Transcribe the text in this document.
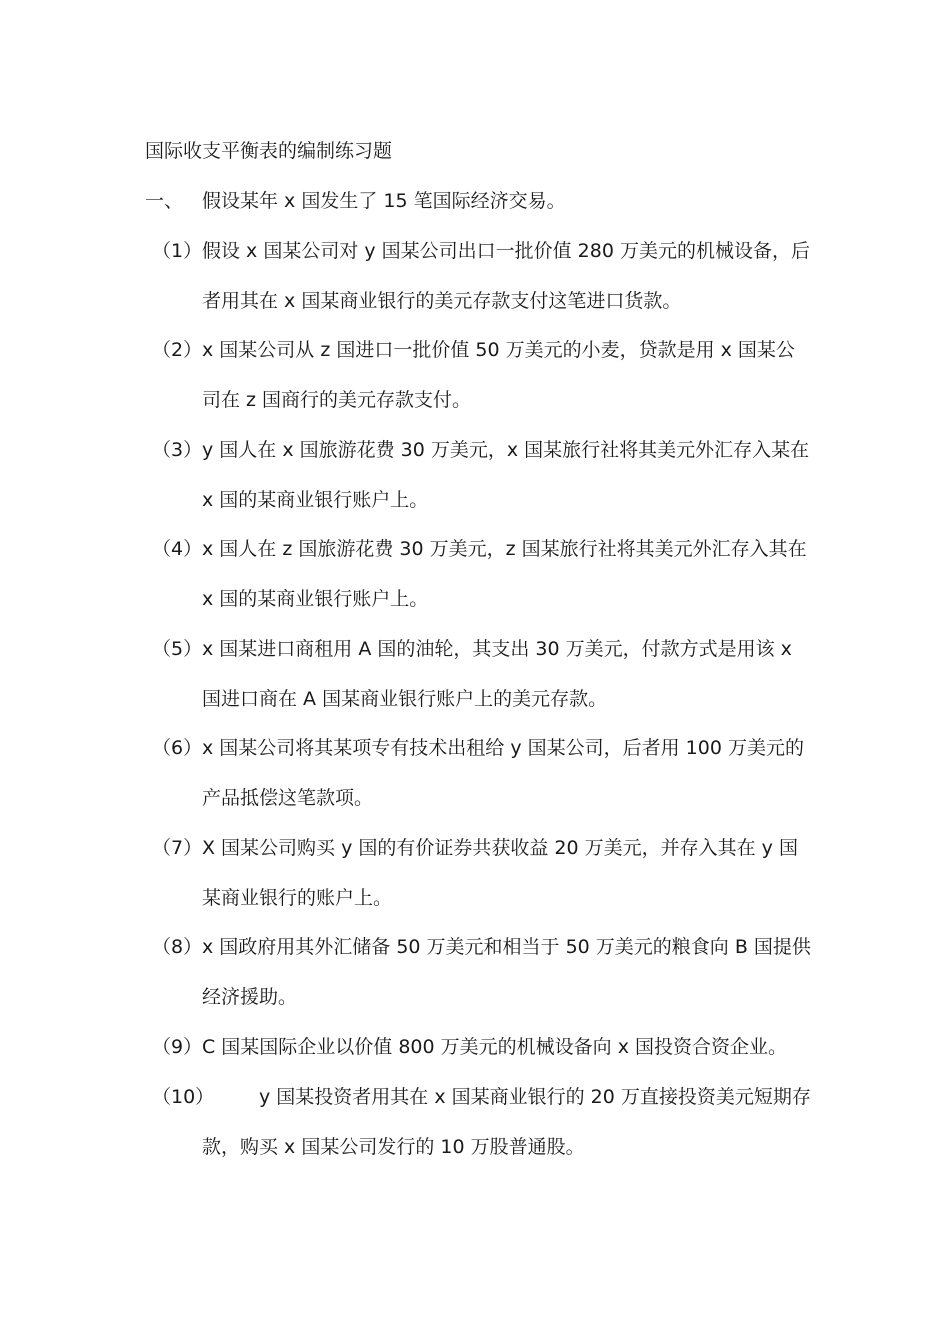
国际收支平衡表的编制练习题
一、 假设某年 x 国发生了 15 笔国际经济交易。
（1） 假设 x 国某公司对 y 国某公司出口一批价值 280 万美元的机械设备，后者用其在 x 国某商业银行的美元存款支付这笔进口货款。
（2） x 国某公司从 z 国进口一批价值 50 万美元的小麦，贷款是用 x 国某公司在 z 国商行的美元存款支付。
（3） y 国人在 x 国旅游花费 30 万美元，x 国某旅行社将其美元外汇存入某在 x 国的某商业银行账户上。
（4） x 国人在 z 国旅游花费 30 万美元，z 国某旅行社将其美元外汇存入其在 x 国的某商业银行账户上。
（5） x 国某进口商租用 A 国的油轮，其支出 30 万美元，付款方式是用该 x 国进口商在 A 国某商业银行账户上的美元存款。
（6） x 国某公司将其某项专有技术出租给 y 国某公司，后者用 100 万美元的产品抵偿这笔款项。
（7） X 国某公司购买 y 国的有价证券共获收益 20 万美元，并存入其在 y 国某商业银行的账户上。
（8） x 国政府用其外汇储备 50 万美元和相当于 50 万美元的粮食向 B 国提供经济援助。
（9） C 国某国际企业以价值 800 万美元的机械设备向 x 国投资合资企业。
（10）	y 国某投资者用其在 x 国某商业银行的 20 万直接投资美元短期存款，购买 x 国某公司发行的 10 万股普通股。
